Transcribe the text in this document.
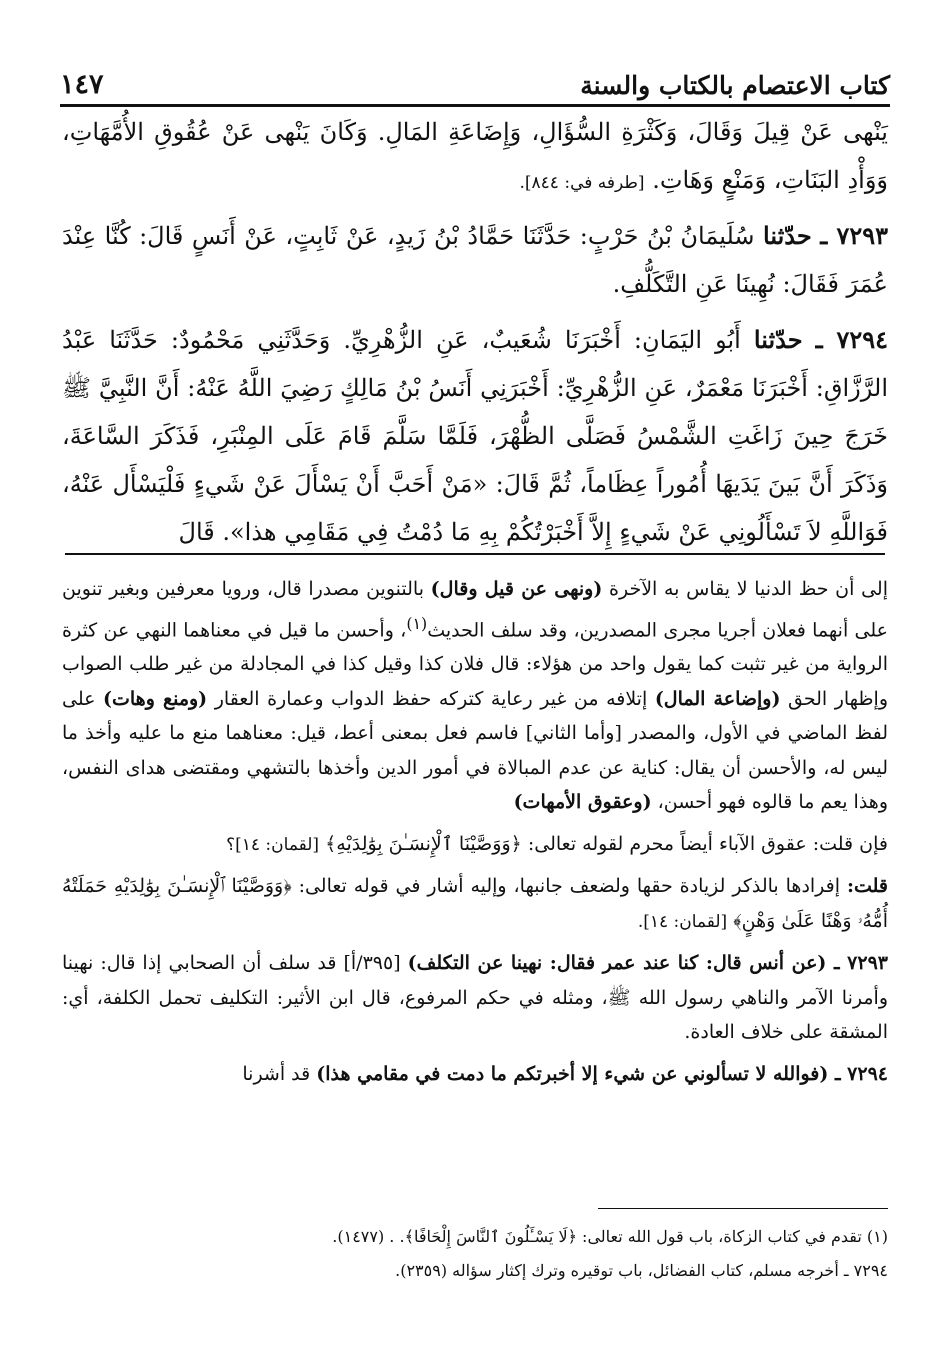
كتاب الاعتصام بالكتاب والسنة
١٤٧
يَنْهى عَنْ قِيلَ وَقَالَ، وَكَثْرَةِ السُّؤَالِ، وَإِضَاعَةِ المَالِ. وَكَانَ يَنْهى عَنْ عُقُوقِ الأُمَّهَاتِ، وَوَأْدِ البَنَاتِ، وَمَنْعٍ وَهَاتِ. [طرفه في: ٨٤٤].
٧٢٩٣ ـ حدّثنا سُلَيمَانُ بْنُ حَرْبٍ: حَدَّثَنَا حَمَّادُ بْنُ زَيدٍ، عَنْ ثَابِتٍ، عَنْ أَنَسٍ قَالَ: كُنَّا عِنْدَ عُمَرَ فَقَالَ: نُهِينَا عَنِ التَّكَلُّفِ.
٧٢٩٤ ـ حدّثنا أَبُو اليَمَانِ: أَخْبَرَنَا شُعَيبٌ، عَنِ الزُّهْرِيِّ. وَحَدَّثَنِي مَحْمُودٌ: حَدَّثَنَا عَبْدُ الرَّزَّاقِ: أَخْبَرَنَا مَعْمَرٌ، عَنِ الزُّهْرِيِّ: أَخْبَرَنِي أَنَسُ بْنُ مَالِكٍ رَضِيَ اللَّهُ عَنْهُ: أَنَّ النَّبِيَّ ﷺ خَرَجَ حِينَ زَاغَتِ الشَّمْسُ فَصَلَّى الظُّهْرَ، فَلَمَّا سَلَّمَ قَامَ عَلَى المِنْبَرِ، فَذَكَرَ السَّاعَةَ، وَذَكَرَ أَنَّ بَينَ يَدَيهَا أُمُوراً عِظَاماً، ثُمَّ قَالَ: «مَنْ أَحَبَّ أَنْ يَسْأَلَ عَنْ شَيءٍ فَلْيَسْأَل عَنْهُ، فَوَاللَّهِ لاَ تَسْأَلُونِي عَنْ شَيءٍ إِلاَّ أَخْبَرْتُكُمْ بِهِ مَا دُمْتُ فِي مَقَامِي هذا». قَالَ

إلى أن حظ الدنيا لا يقاس به الآخرة (ونهى عن قيل وقال) بالتنوين مصدرا قال، ورويا معرفين وبغير تنوين على أنهما فعلان أجريا مجرى المصدرين، وقد سلف الحديث$^{(١)}$، وأحسن ما قيل في معناهما النهي عن كثرة الرواية من غير تثبت كما يقول واحد من هؤلاء: قال فلان كذا وقيل كذا في المجادلة من غير طلب الصواب وإظهار الحق (وإضاعة المال) إتلافه من غير رعاية كتركه حفظ الدواب وعمارة العقار (ومنع وهات) على لفظ الماضي في الأول، والمصدر [وأما الثاني] فاسم فعل بمعنى أعط، قيل: معناهما منع ما عليه وأخذ ما ليس له، والأحسن أن يقال: كناية عن عدم المبالاة في أمور الدين وأخذها بالتشهي ومقتضى هداى النفس، وهذا يعم ما قالوه فهو أحسن، (وعقوق الأمهات)

فإن قلت: عقوق الآباء أيضاً محرم لقوله تعالى: ﴿وَوَصَّيْنَا ٱلْإِنسَـٰنَ بِوَٰلِدَيْهِ﴾ [لقمان: ١٤]؟

قلت: إفرادها بالذكر لزيادة حقها ولضعف جانبها، وإليه أشار في قوله تعالى: ﴿وَوَصَّيْنَا ٱلْإِنسَـٰنَ بِوَٰلِدَيْهِ حَمَلَتْهُ أُمُّهُۥ وَهْنًا عَلَىٰ وَهْنٍ﴾ [لقمان: ١٤].

٧٢٩٣ ـ (عن أنس قال: كنا عند عمر فقال: نهينا عن التكلف) [٣٩٥/أ] قد سلف أن الصحابي إذا قال: نهينا وأمرنا الآمر والناهي رسول الله ﷺ، ومثله في حكم المرفوع، قال ابن الأثير: التكليف تحمل الكلفة، أي: المشقة على خلاف العادة.

٧٢٩٤ ـ (فوالله لا تسألوني عن شيء إلا أخبرتكم ما دمت في مقامي هذا) قد أشرنا

(١) تقدم في كتاب الزكاة، باب قول الله تعالى: ﴿لَا يَسْـَٔلُونَ ٱلنَّاسَ إِلْحَافًا﴾. . (١٤٧٧).
٧٢٩٤ ـ أخرجه مسلم، كتاب الفضائل، باب توقيره وترك إكثار سؤاله (٢٣٥٩).
